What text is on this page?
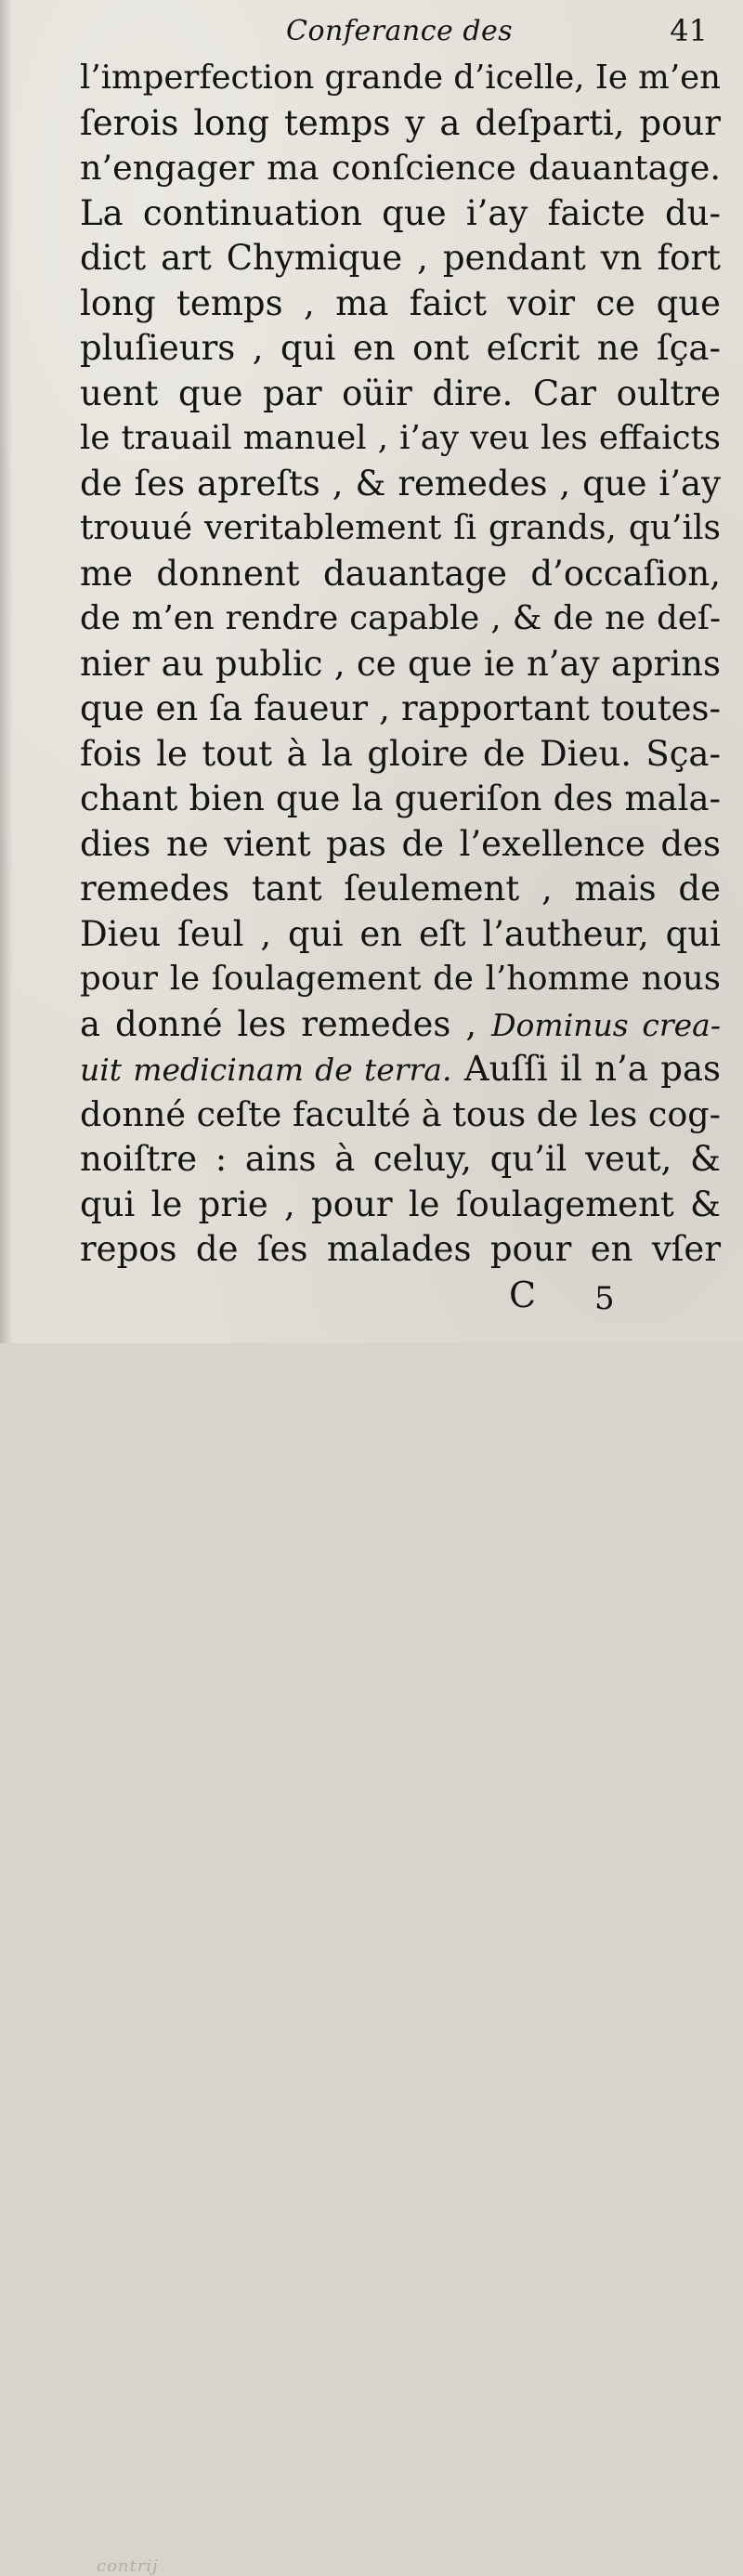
Conferance des	41
l’imperfection grande d’icelle, Ie m’en
ſerois long temps y a deſparti, pour
n’engager ma conſcience dauantage.
La continuation que i’ay faicte du-
dict art Chymique , pendant vn fort
long temps , ma faict voir ce que
pluſieurs , qui en ont eſcrit ne ſça-
uent que par oüir dire. Car oultre
le trauail manuel , i’ay veu les effaicts
de ſes apreſts , & remedes , que i’ay
trouué veritablement ſi grands, qu’ils
me donnent dauantage d’occaſion,
de m’en rendre capable , & de ne deſ-
nier au public , ce que ie n’ay aprins
que en ſa faueur , rapportant toutes-
fois le tout à la gloire de Dieu. Sça-
chant bien que la gueriſon des mala-
dies ne vient pas de l’exellence des
remedes tant ſeulement , mais de
Dieu ſeul , qui en eſt l’autheur, qui
pour le ſoulagement de l’homme nous
a donné les remedes , Dominus crea-
uit medicinam de terra. Auſſi il n’a pas
donné ceſte faculté à tous de les cog-
noiſtre : ains à celuy, qu’il veut, &
qui le prie , pour le ſoulagement &
repos de ſes malades pour en vſer
contrij
C 5
